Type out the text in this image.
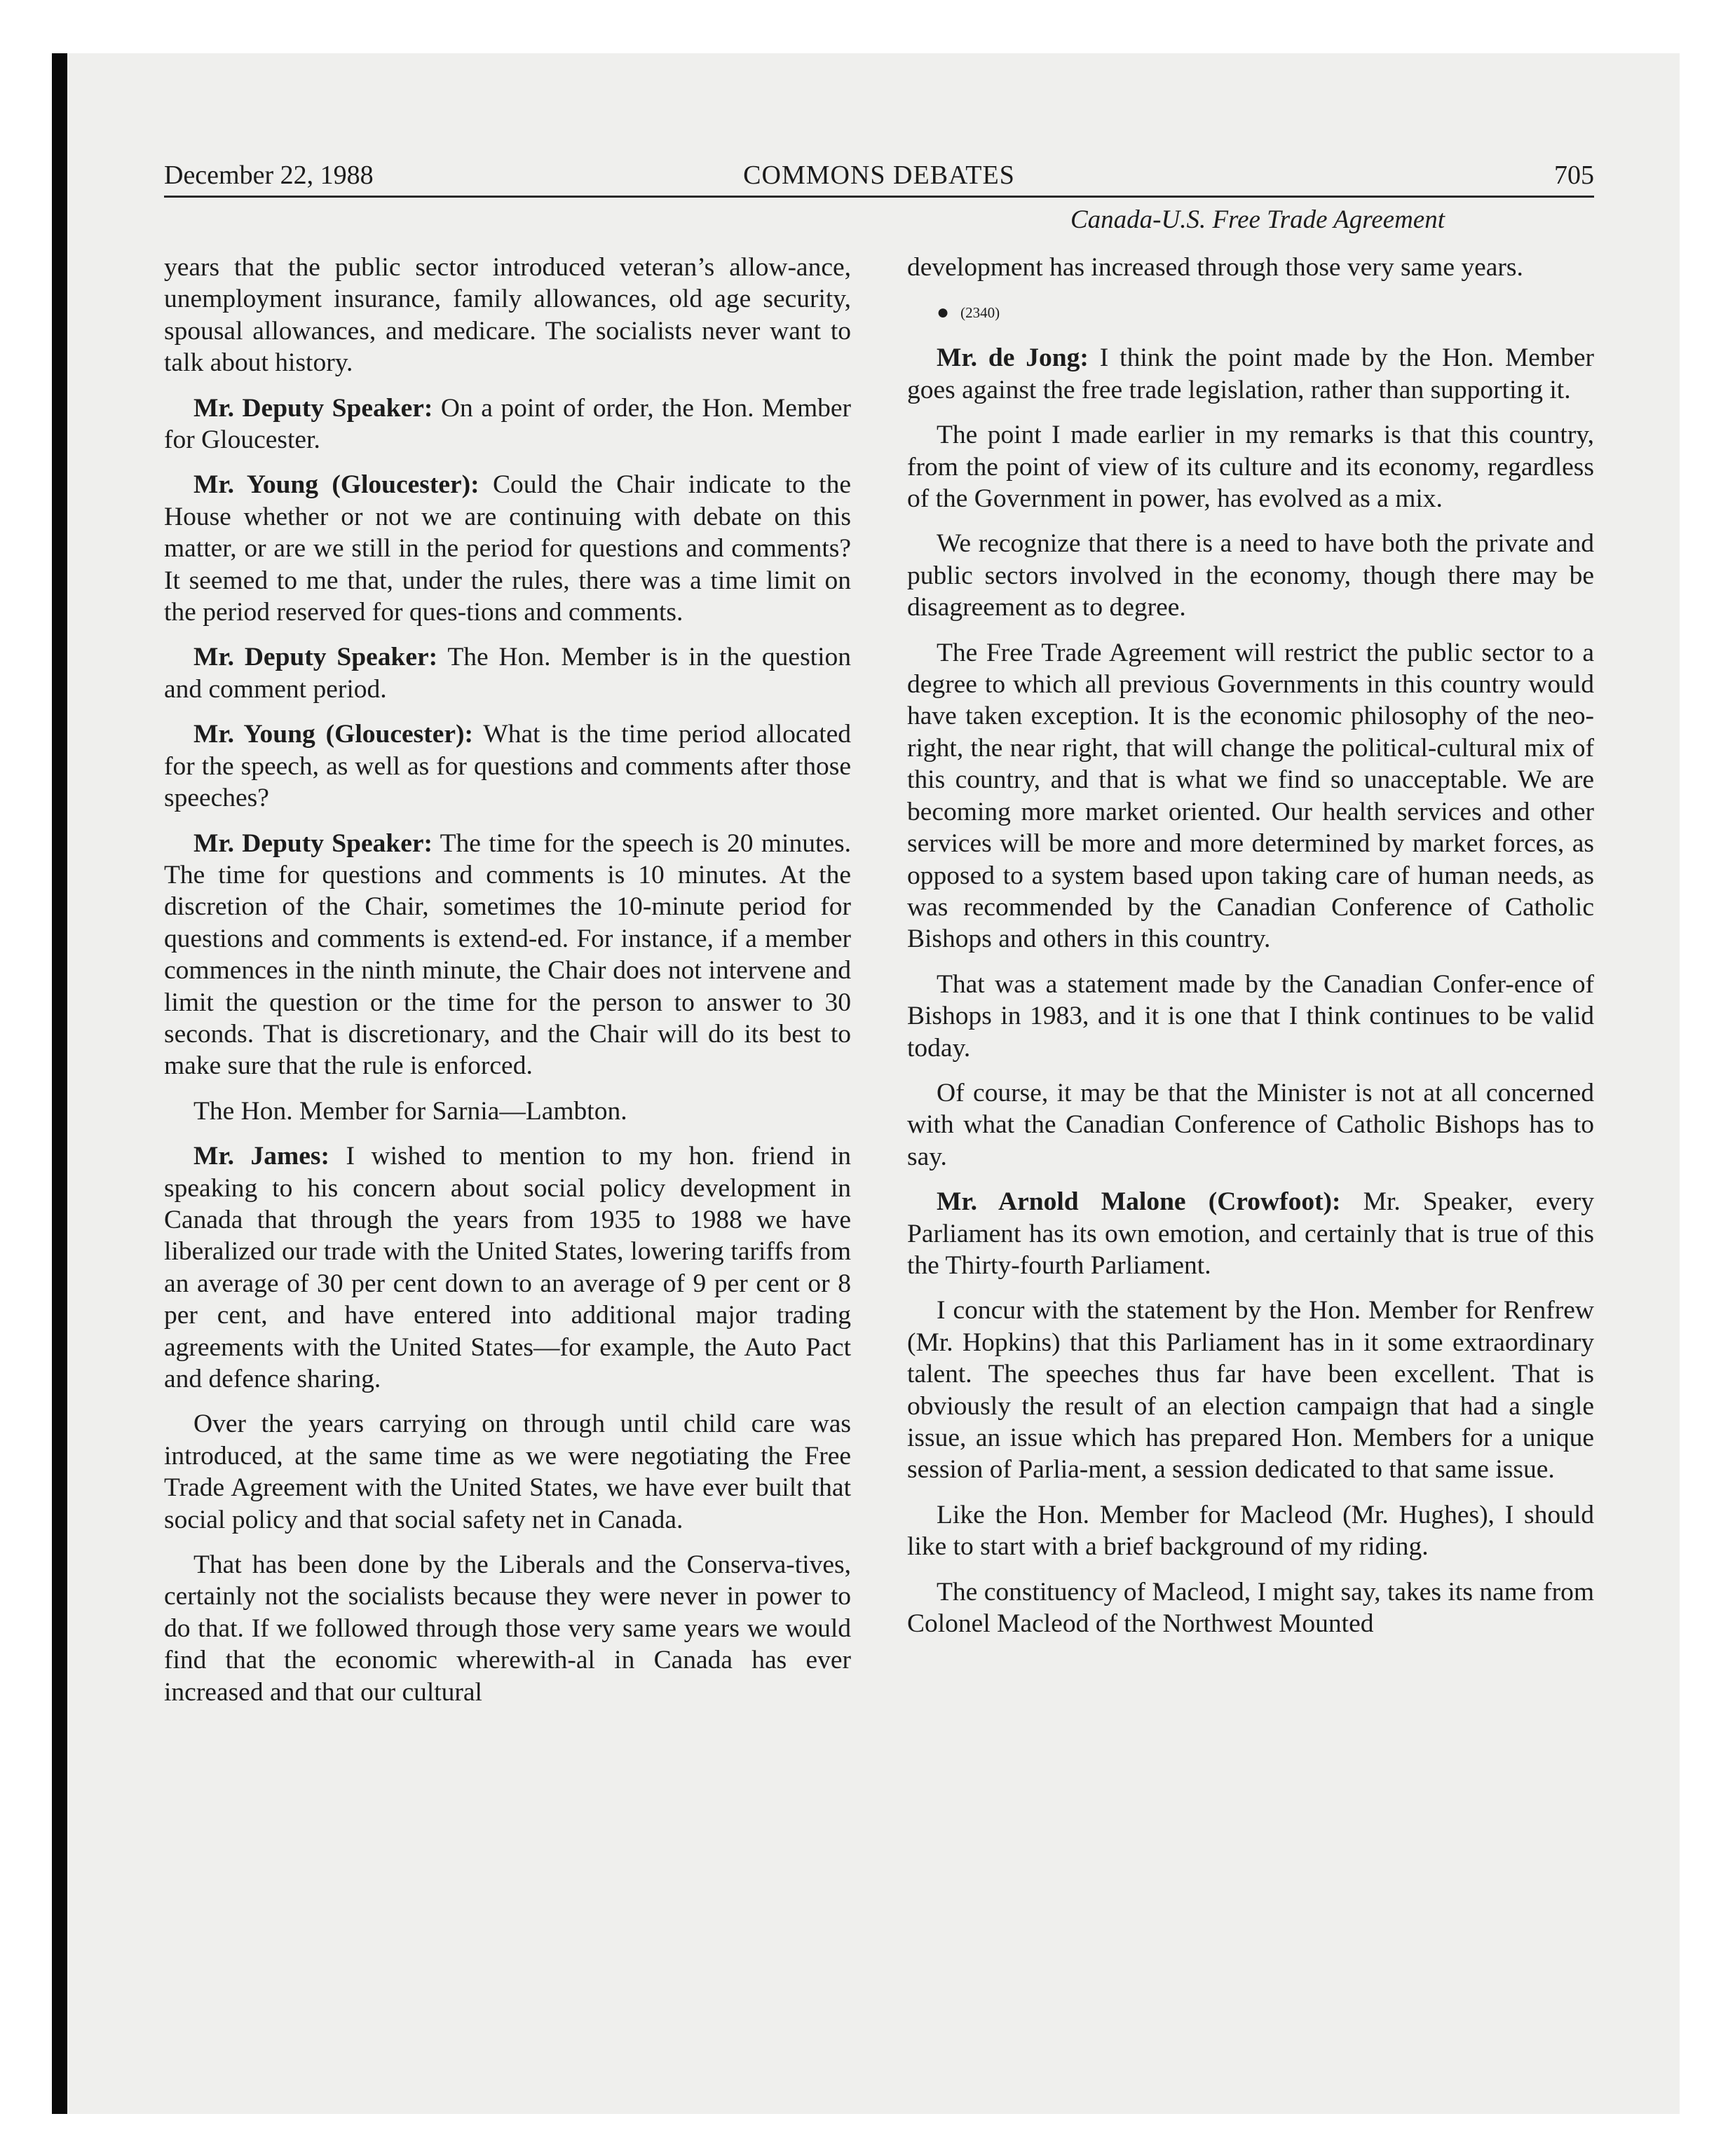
December 22, 1988	COMMONS DEBATES	705
Canada-U.S. Free Trade Agreement

years that the public sector introduced veteran’s allow-ance, unemployment insurance, family allowances, old age security, spousal allowances, and medicare. The socialists never want to talk about history.

Mr. Deputy Speaker: On a point of order, the Hon. Member for Gloucester.

Mr. Young (Gloucester): Could the Chair indicate to the House whether or not we are continuing with debate on this matter, or are we still in the period for questions and comments? It seemed to me that, under the rules, there was a time limit on the period reserved for ques-tions and comments.

Mr. Deputy Speaker: The Hon. Member is in the question and comment period.

Mr. Young (Gloucester): What is the time period allocated for the speech, as well as for questions and comments after those speeches?

Mr. Deputy Speaker: The time for the speech is 20 minutes. The time for questions and comments is 10 minutes. At the discretion of the Chair, sometimes the 10-minute period for questions and comments is extend-ed. For instance, if a member commences in the ninth minute, the Chair does not intervene and limit the question or the time for the person to answer to 30 seconds. That is discretionary, and the Chair will do its best to make sure that the rule is enforced.

The Hon. Member for Sarnia—Lambton.

Mr. James: I wished to mention to my hon. friend in speaking to his concern about social policy development in Canada that through the years from 1935 to 1988 we have liberalized our trade with the United States, lowering tariffs from an average of 30 per cent down to an average of 9 per cent or 8 per cent, and have entered into additional major trading agreements with the United States—for example, the Auto Pact and defence sharing.

Over the years carrying on through until child care was introduced, at the same time as we were negotiating the Free Trade Agreement with the United States, we have ever built that social policy and that social safety net in Canada.

That has been done by the Liberals and the Conserva-tives, certainly not the socialists because they were never in power to do that. If we followed through those very same years we would find that the economic wherewith-al in Canada has ever increased and that our cultural

development has increased through those very same years.

● (2340)

Mr. de Jong: I think the point made by the Hon. Member goes against the free trade legislation, rather than supporting it.

The point I made earlier in my remarks is that this country, from the point of view of its culture and its economy, regardless of the Government in power, has evolved as a mix.

We recognize that there is a need to have both the private and public sectors involved in the economy, though there may be disagreement as to degree.

The Free Trade Agreement will restrict the public sector to a degree to which all previous Governments in this country would have taken exception. It is the economic philosophy of the neo-right, the near right, that will change the political-cultural mix of this country, and that is what we find so unacceptable. We are becoming more market oriented. Our health services and other services will be more and more determined by market forces, as opposed to a system based upon taking care of human needs, as was recommended by the Canadian Conference of Catholic Bishops and others in this country.

That was a statement made by the Canadian Confer-ence of Bishops in 1983, and it is one that I think continues to be valid today.

Of course, it may be that the Minister is not at all concerned with what the Canadian Conference of Catholic Bishops has to say.

Mr. Arnold Malone (Crowfoot): Mr. Speaker, every Parliament has its own emotion, and certainly that is true of this the Thirty-fourth Parliament.

I concur with the statement by the Hon. Member for Renfrew (Mr. Hopkins) that this Parliament has in it some extraordinary talent. The speeches thus far have been excellent. That is obviously the result of an election campaign that had a single issue, an issue which has prepared Hon. Members for a unique session of Parlia-ment, a session dedicated to that same issue.

Like the Hon. Member for Macleod (Mr. Hughes), I should like to start with a brief background of my riding.

The constituency of Macleod, I might say, takes its name from Colonel Macleod of the Northwest Mounted
